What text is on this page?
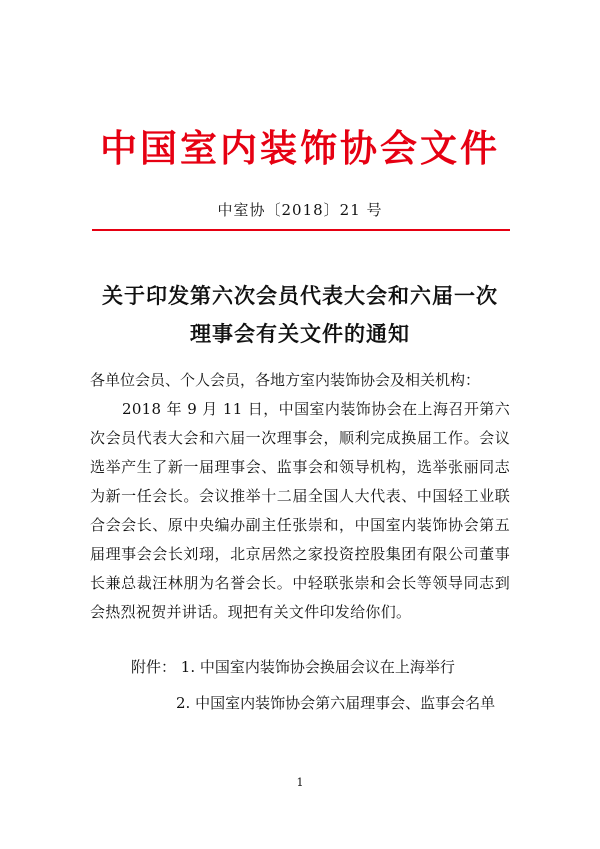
中国室内装饰协会文件
中室协〔2018〕21 号
关于印发第六次会员代表大会和六届一次
理事会有关文件的通知

各单位会员、个人会员，各地方室内装饰协会及相关机构：

2018 年 9 月 11 日，中国室内装饰协会在上海召开第六次会员代表大会和六届一次理事会，顺利完成换届工作。会议选举产生了新一届理事会、监事会和领导机构，选举张丽同志为新一任会长。会议推举十二届全国人大代表、中国轻工业联合会会长、原中央编办副主任张崇和，中国室内装饰协会第五届理事会会长刘珝，北京居然之家投资控股集团有限公司董事长兼总裁汪林朋为名誉会长。中轻联张崇和会长等领导同志到会热烈祝贺并讲话。现把有关文件印发给你们。

附件： 1. 中国室内装饰协会换届会议在上海举行
2. 中国室内装饰协会第六届理事会、监事会名单
1
